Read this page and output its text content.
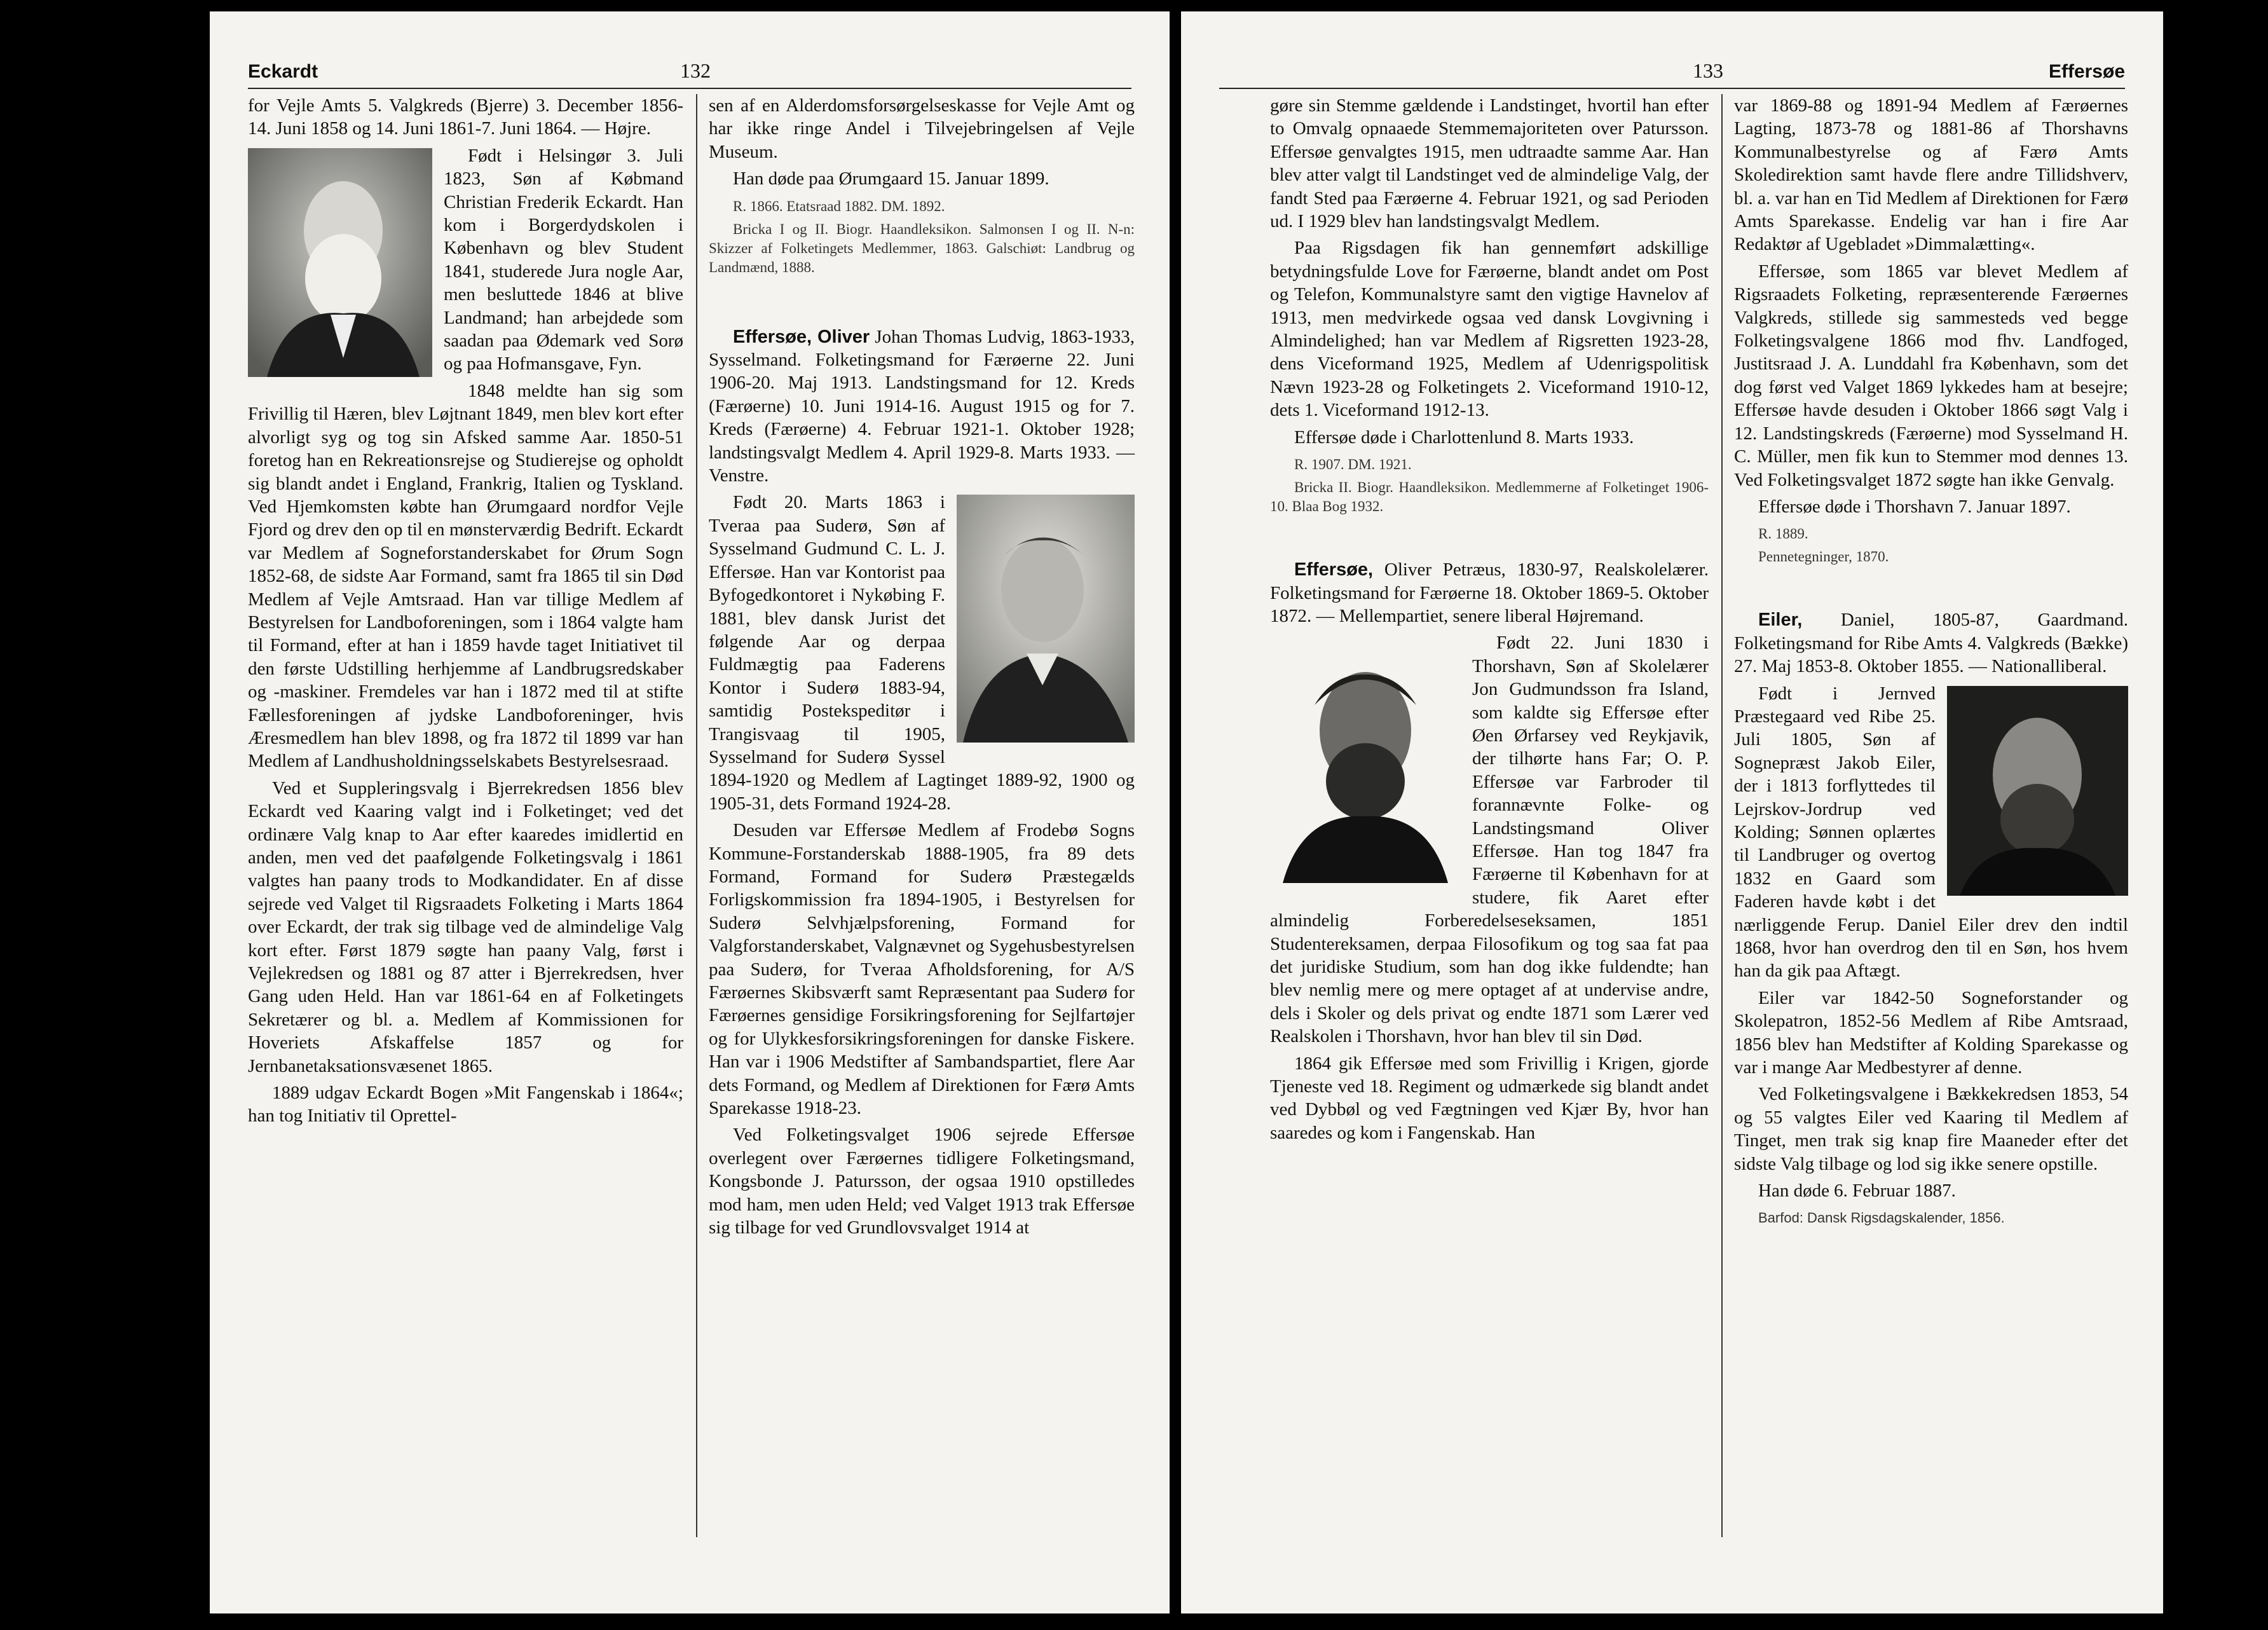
Eckardt	132

for Vejle Amts 5. Valgkreds (Bjerre) 3. December 1856-14. Juni 1858 og 14. Juni 1861-7. Juni 1864. — Højre.

Født i Helsingør 3. Juli 1823, Søn af Købmand Christian Frederik Eckardt. Han kom i Borgerdydskolen i København og blev Student 1841, studerede Jura nogle Aar, men besluttede 1846 at blive Landmand; han arbejdede som saadan paa Ødemark ved Sorø og paa Hofmansgave, Fyn.

1848 meldte han sig som Frivillig til Hæren, blev Løjtnant 1849, men blev kort efter alvorligt syg og tog sin Afsked samme Aar. 1850-51 foretog han en Rekreationsrejse og Studierejse og opholdt sig blandt andet i England, Frankrig, Italien og Tyskland. Ved Hjemkomsten købte han Ørumgaard nordfor Vejle Fjord og drev den op til en mønsterværdig Bedrift. Eckardt var Medlem af Sogneforstanderskabet for Ørum Sogn 1852-68, de sidste Aar Formand, samt fra 1865 til sin Død Medlem af Vejle Amtsraad. Han var tillige Medlem af Bestyrelsen for Landboforeningen, som i 1864 valgte ham til Formand, efter at han i 1859 havde taget Initiativet til den første Udstilling herhjemme af Landbrugsredskaber og -maskiner. Fremdeles var han i 1872 med til at stifte Fællesforeningen af jydske Landboforeninger, hvis Æresmedlem han blev 1898, og fra 1872 til 1899 var han Medlem af Landhusholdningsselskabets Bestyrelsesraad.

Ved et Suppleringsvalg i Bjerrekredsen 1856 blev Eckardt ved Kaaring valgt ind i Folketinget; ved det ordinære Valg knap to Aar efter kaaredes imidlertid en anden, men ved det paafølgende Folketingsvalg i 1861 valgtes han paany trods to Modkandidater. En af disse sejrede ved Valget til Rigsraadets Folketing i Marts 1864 over Eckardt, der trak sig tilbage ved de almindelige Valg kort efter. Først 1879 søgte han paany Valg, først i Vejlekredsen og 1881 og 87 atter i Bjerrekredsen, hver Gang uden Held. Han var 1861-64 en af Folketingets Sekretærer og bl. a. Medlem af Kommissionen for Hoveriets Afskaffelse 1857 og for Jernbanetaksationsvæsenet 1865.

1889 udgav Eckardt Bogen »Mit Fangenskab i 1864«; han tog Initiativ til Oprettel-

sen af en Alderdomsforsørgelseskasse for Vejle Amt og har ikke ringe Andel i Tilvejebringelsen af Vejle Museum.

Han døde paa Ørumgaard 15. Januar 1899.

R. 1866. Etatsraad 1882. DM. 1892.

Bricka I og II. Biogr. Haandleksikon. Salmonsen I og II. N-n: Skizzer af Folketingets Medlemmer, 1863. Galschiøt: Landbrug og Landmænd, 1888.

Effersøe, Oliver Johan Thomas Ludvig, 1863-1933, Sysselmand. Folketingsmand for Færøerne 22. Juni 1906-20. Maj 1913. Landstingsmand for 12. Kreds (Færøerne) 10. Juni 1914-16. August 1915 og for 7. Kreds (Færøerne) 4. Februar 1921-1. Oktober 1928; landstingsvalgt Medlem 4. April 1929-8. Marts 1933. — Venstre.

Født 20. Marts 1863 i Tveraa paa Suderø, Søn af Sysselmand Gudmund C. L. J. Effersøe. Han var Kontorist paa Byfogedkontoret i Nykøbing F. 1881, blev dansk Jurist det følgende Aar og derpaa Fuldmægtig paa Faderens Kontor i Suderø 1883-94, samtidig Postekspeditør i Trangisvaag til 1905, Sysselmand for Suderø Syssel 1894-1920 og Medlem af Lagtinget 1889-92, 1900 og 1905-31, dets Formand 1924-28.

Desuden var Effersøe Medlem af Frodebø Sogns Kommune-Forstanderskab 1888-1905, fra 89 dets Formand, Formand for Suderø Præstegælds Forligskommission fra 1894-1905, i Bestyrelsen for Suderø Selvhjælpsforening, Formand for Valgforstanderskabet, Valgnævnet og Sygehusbestyrelsen paa Suderø, for Tveraa Afholdsforening, for A/S Færøernes Skibsværft samt Repræsentant paa Suderø for Færøernes gensidige Forsikringsforening for Sejlfartøjer og for Ulykkesforsikringsforeningen for danske Fiskere. Han var i 1906 Medstifter af Sambandspartiet, flere Aar dets Formand, og Medlem af Direktionen for Færø Amts Sparekasse 1918-23.

Ved Folketingsvalget 1906 sejrede Effersøe overlegent over Færøernes tidligere Folketingsmand, Kongsbonde J. Patursson, der ogsaa 1910 opstilledes mod ham, men uden Held; ved Valget 1913 trak Effersøe sig tilbage for ved Grundlovsvalget 1914 at

133	Effersøe

gøre sin Stemme gældende i Landstinget, hvortil han efter to Omvalg opnaaede Stemmemajoriteten over Patursson. Effersøe genvalgtes 1915, men udtraadte samme Aar. Han blev atter valgt til Landstinget ved de almindelige Valg, der fandt Sted paa Færøerne 4. Februar 1921, og sad Perioden ud. I 1929 blev han landstingsvalgt Medlem.

Paa Rigsdagen fik han gennemført adskillige betydningsfulde Love for Færøerne, blandt andet om Post og Telefon, Kommunalstyre samt den vigtige Havnelov af 1913, men medvirkede ogsaa ved dansk Lovgivning i Almindelighed; han var Medlem af Rigsretten 1923-28, dens Viceformand 1925, Medlem af Udenrigspolitisk Nævn 1923-28 og Folketingets 2. Viceformand 1910-12, dets 1. Viceformand 1912-13.

Effersøe døde i Charlottenlund 8. Marts 1933.

R. 1907. DM. 1921.

Bricka II. Biogr. Haandleksikon. Medlemmerne af Folketinget 1906-10. Blaa Bog 1932.

Effersøe, Oliver Petræus, 1830-97, Realskolelærer. Folketingsmand for Færøerne 18. Oktober 1869-5. Oktober 1872. — Mellempartiet, senere liberal Højremand.

Født 22. Juni 1830 i Thorshavn, Søn af Skolelærer Jon Gudmundsson fra Island, som kaldte sig Effersøe efter Øen Ørfarsey ved Reykjavik, der tilhørte hans Far; O. P. Effersøe var Farbroder til forannævnte Folke- og Landstingsmand Oliver Effersøe. Han tog 1847 fra Færøerne til København for at studere, fik Aaret efter almindelig Forberedelseseksamen, 1851 Studentereksamen, derpaa Filosofikum og tog saa fat paa det juridiske Studium, som han dog ikke fuldendte; han blev nemlig mere og mere optaget af at undervise andre, dels i Skoler og dels privat og endte 1871 som Lærer ved Realskolen i Thorshavn, hvor han blev til sin Død.

1864 gik Effersøe med som Frivillig i Krigen, gjorde Tjeneste ved 18. Regiment og udmærkede sig blandt andet ved Dybbøl og ved Fægtningen ved Kjær By, hvor han saaredes og kom i Fangenskab. Han

var 1869-88 og 1891-94 Medlem af Færøernes Lagting, 1873-78 og 1881-86 af Thorshavns Kommunalbestyrelse og af Færø Amts Skoledirektion samt havde flere andre Tillidshverv, bl. a. var han en Tid Medlem af Direktionen for Færø Amts Sparekasse. Endelig var han i fire Aar Redaktør af Ugebladet »Dimmalætting«.

Effersøe, som 1865 var blevet Medlem af Rigsraadets Folketing, repræsenterende Færøernes Valgkreds, stillede sig sammesteds ved begge Folketingsvalgene 1866 mod fhv. Landfoged, Justitsraad J. A. Lunddahl fra København, som det dog først ved Valget 1869 lykkedes ham at besejre; Effersøe havde desuden i Oktober 1866 søgt Valg i 12. Landstingskreds (Færøerne) mod Sysselmand H. C. Müller, men fik kun to Stemmer mod dennes 13. Ved Folketingsvalget 1872 søgte han ikke Genvalg.

Effersøe døde i Thorshavn 7. Januar 1897.

R. 1889.

Pennetegninger, 1870.

Eiler, Daniel, 1805-87, Gaardmand. Folketingsmand for Ribe Amts 4. Valgkreds (Bække) 27. Maj 1853-8. Oktober 1855. — Nationalliberal.

Født i Jernved Præstegaard ved Ribe 25. Juli 1805, Søn af Sognepræst Jakob Eiler, der i 1813 forflyttedes til Lejrskov-Jordrup ved Kolding; Sønnen oplærtes til Landbruger og overtog 1832 en Gaard som Faderen havde købt i det nærliggende Ferup. Daniel Eiler drev den indtil 1868, hvor han overdrog den til en Søn, hos hvem han da gik paa Aftægt.

Eiler var 1842-50 Sogneforstander og Skolepatron, 1852-56 Medlem af Ribe Amtsraad, 1856 blev han Medstifter af Kolding Sparekasse og var i mange Aar Medbestyrer af denne.

Ved Folketingsvalgene i Bækkekredsen 1853, 54 og 55 valgtes Eiler ved Kaaring til Medlem af Tinget, men trak sig knap fire Maaneder efter det sidste Valg tilbage og lod sig ikke senere opstille.

Han døde 6. Februar 1887.

Barfod: Dansk Rigsdagskalender, 1856.
